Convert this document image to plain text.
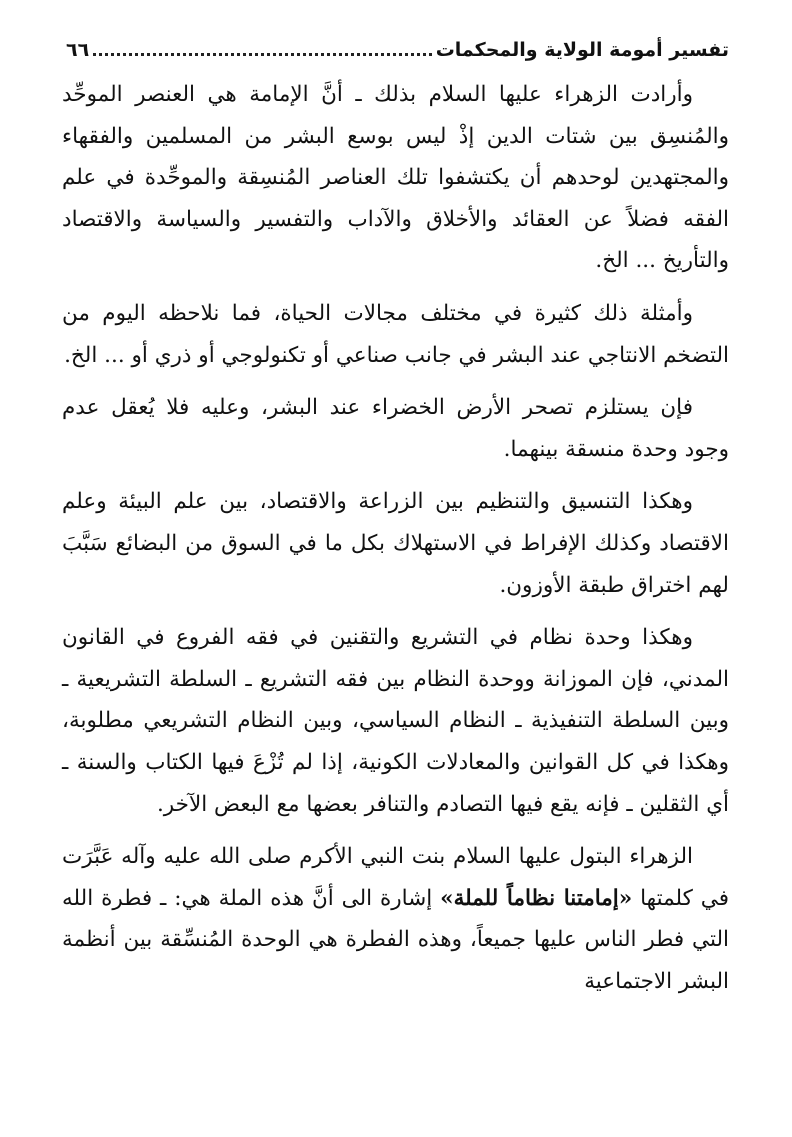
تفسير أمومة الولاية والمحكمات
٦٦

وأرادت الزهراء عليها السلام بذلك ـ أنَّ الإمامة هي العنصر الموحِّد والمُنسِق بين شتات الدين إذْ ليس بوسع البشر من المسلمين والفقهاء والمجتهدين لوحدهم أن يكتشفوا تلك العناصر المُنسِقة والموحِّدة في علم الفقه فضلاً عن العقائد والأخلاق والآداب والتفسير والسياسة والاقتصاد والتأريخ ... الخ.

وأمثلة ذلك كثيرة في مختلف مجالات الحياة، فما نلاحظه اليوم من التضخم الانتاجي عند البشر في جانب صناعي أو تكنولوجي أو ذري أو ... الخ.

فإن يستلزم تصحر الأرض الخضراء عند البشر، وعليه فلا يُعقل عدم وجود وحدة منسقة بينهما.

وهكذا التنسيق والتنظيم بين الزراعة والاقتصاد، بين علم البيئة وعلم الاقتصاد وكذلك الإفراط في الاستهلاك بكل ما في السوق من البضائع سَبَّبَ لهم اختراق طبقة الأوزون.

وهكذا وحدة نظام في التشريع والتقنين في فقه الفروع في القانون المدني، فإن الموزانة ووحدة النظام بين فقه التشريع ـ السلطة التشريعية ـ وبين السلطة التنفيذية ـ النظام السياسي، وبين النظام التشريعي مطلوبة، وهكذا في كل القوانين والمعادلات الكونية، إذا لم تُزْعَ فيها الكتاب والسنة ـ أي الثقلين ـ فإنه يقع فيها التصادم والتنافر بعضها مع البعض الآخر.

الزهراء البتول عليها السلام بنت النبي الأكرم صلى الله عليه وآله عَبَّرَت في كلمتها «إمامتنا نظاماً للملة» إشارة الى أنَّ هذه الملة هي: ـ فطرة الله التي فطر الناس عليها جميعاً، وهذه الفطرة هي الوحدة المُنسِّقة بين أنظمة البشر الاجتماعية
